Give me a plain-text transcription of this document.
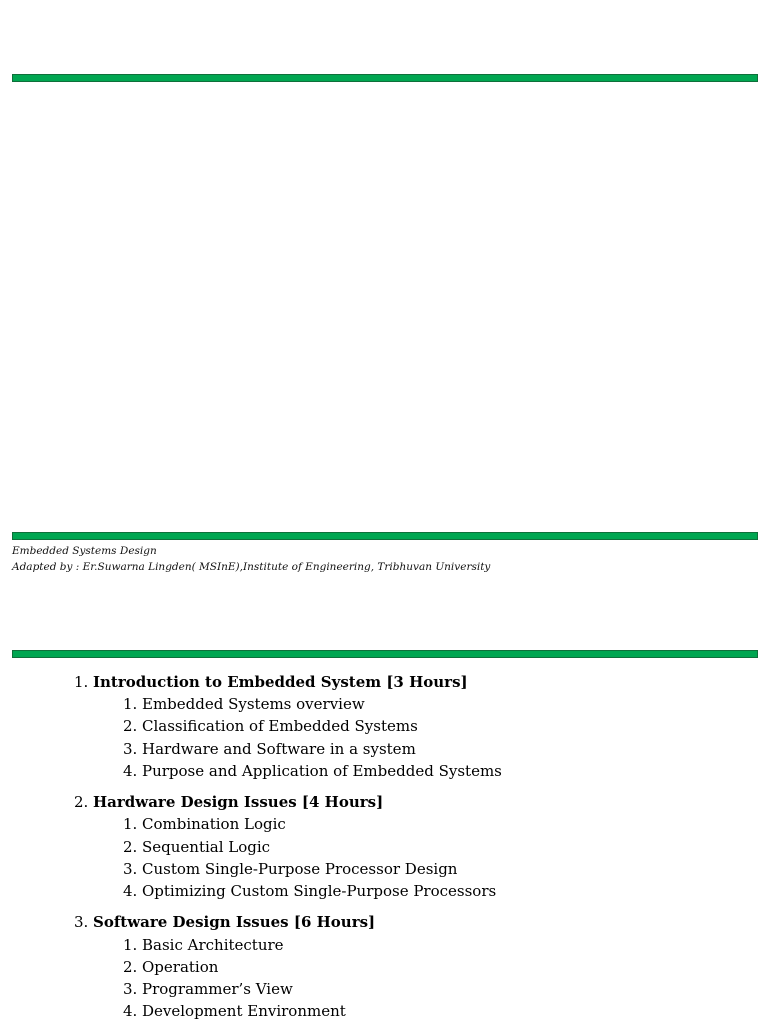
Embedded Systems Design
Adapted by : Er.Suwarna Lingden( MSInE),Institute of Engineering, Tribhuvan University
1. Introduction to Embedded System [3 Hours]
1. Embedded Systems overview
2. Classification of Embedded Systems
3. Hardware and Software in a system
4. Purpose and Application of Embedded Systems
2. Hardware Design Issues [4 Hours]
1. Combination Logic
2. Sequential Logic
3. Custom Single-Purpose Processor Design
4. Optimizing Custom Single-Purpose Processors
3. Software Design Issues [6 Hours]
1. Basic Architecture
2. Operation
3. Programmer’s View
4. Development Environment
